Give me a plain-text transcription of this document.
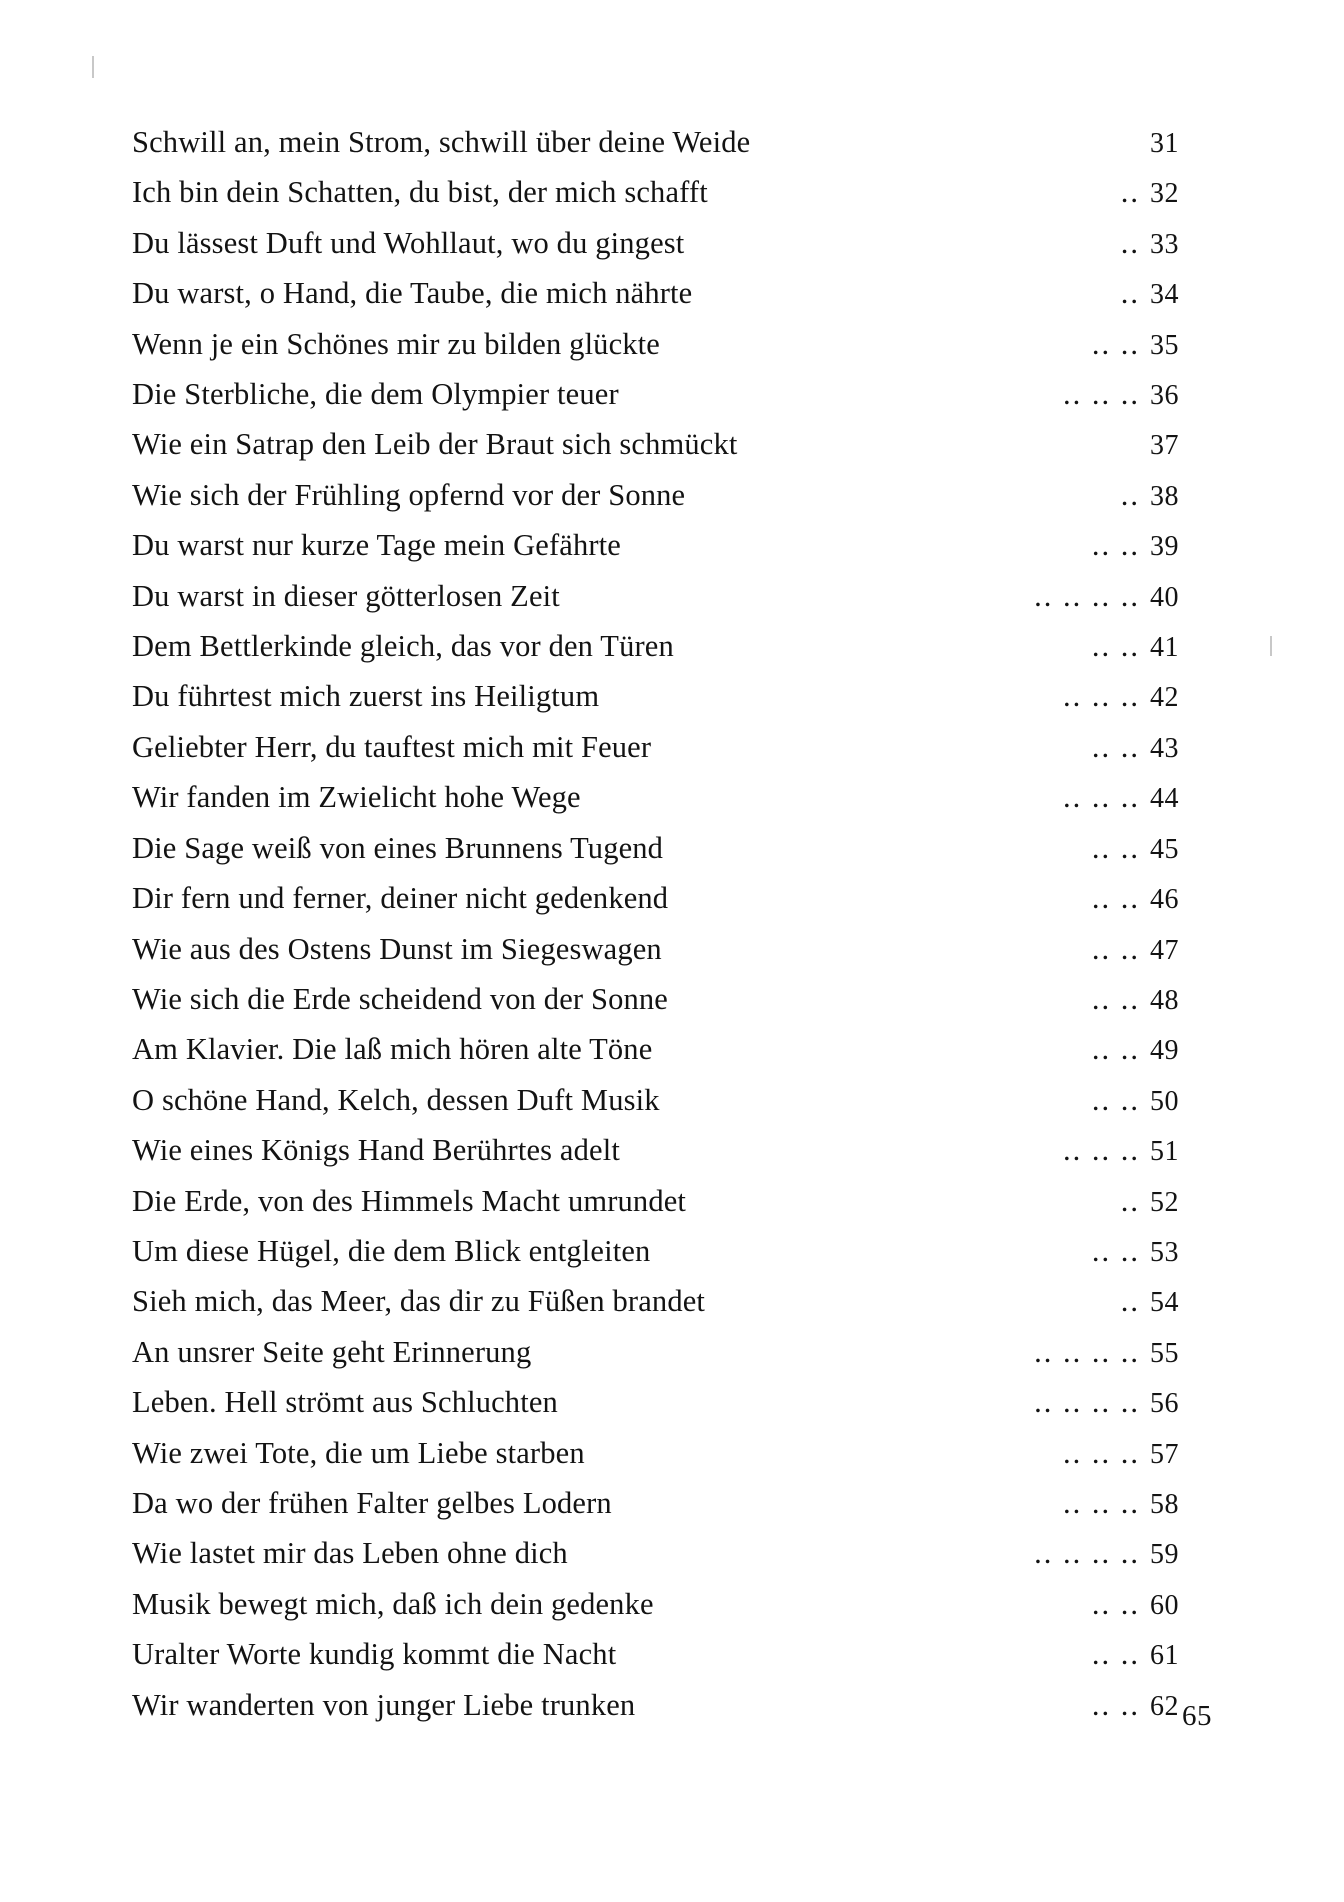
Schwill an, mein Strom, schwill über deine Weide	31
Ich bin dein Schatten, du bist, der mich schafft	.. 32
Du lässest Duft und Wohllaut, wo du gingest	.. 33
Du warst, o Hand, die Taube, die mich nährte	.. 34
Wenn je ein Schönes mir zu bilden glückte	.. .. 35
Die Sterbliche, die dem Olympier teuer	.. .. .. 36
Wie ein Satrap den Leib der Braut sich schmückt	37
Wie sich der Frühling opfernd vor der Sonne	.. 38
Du warst nur kurze Tage mein Gefährte	.. .. 39
Du warst in dieser götterlosen Zeit	.. .. .. .. 40
Dem Bettlerkinde gleich, das vor den Türen	.. .. 41
Du führtest mich zuerst ins Heiligtum	.. .. .. 42
Geliebter Herr, du tauftest mich mit Feuer	.. .. 43
Wir fanden im Zwielicht hohe Wege	.. .. .. 44
Die Sage weiß von eines Brunnens Tugend	.. .. 45
Dir fern und ferner, deiner nicht gedenkend	.. .. 46
Wie aus des Ostens Dunst im Siegeswagen	.. .. 47
Wie sich die Erde scheidend von der Sonne	.. .. 48
Am Klavier. Die laß mich hören alte Töne	.. .. 49
O schöne Hand, Kelch, dessen Duft Musik	.. .. 50
Wie eines Königs Hand Berührtes adelt	.. .. .. 51
Die Erde, von des Himmels Macht umrundet	.. 52
Um diese Hügel, die dem Blick entgleiten	.. .. 53
Sieh mich, das Meer, das dir zu Füßen brandet	.. 54
An unsrer Seite geht Erinnerung	.. .. .. .. 55
Leben. Hell strömt aus Schluchten	.. .. .. .. 56
Wie zwei Tote, die um Liebe starben	.. .. .. 57
Da wo der frühen Falter gelbes Lodern	.. .. .. 58
Wie lastet mir das Leben ohne dich	.. .. .. .. 59
Musik bewegt mich, daß ich dein gedenke	.. .. 60
Uralter Worte kundig kommt die Nacht	.. .. 61
Wir wanderten von junger Liebe trunken	.. .. 62 65
